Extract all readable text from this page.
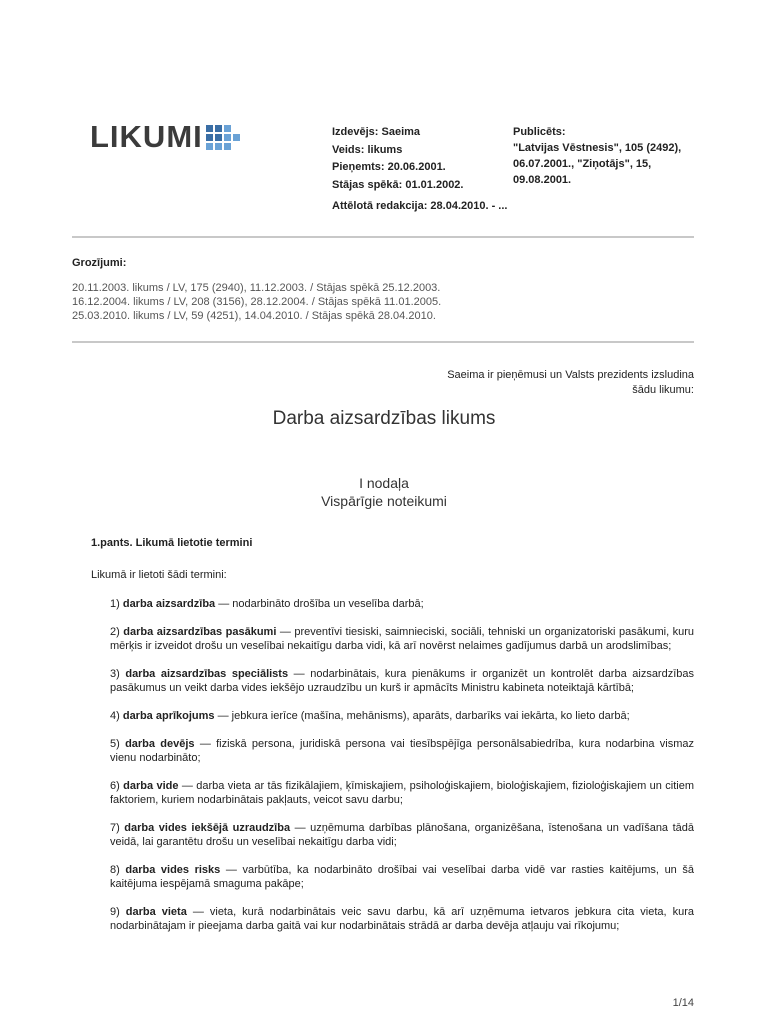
LIKUMI	Izdevējs: Saeima
Veids: likums
Pieņemts: 20.06.2001.
Stājas spēkā: 01.01.2002.
Publicēts:
"Latvijas Vēstnesis", 105 (2492), 06.07.2001., "Ziņotājs", 15, 09.08.2001.
Attēlotā redakcija: 28.04.2010. - ...
Grozījumi:
20.11.2003. likums / LV, 175 (2940), 11.12.2003. / Stājas spēkā 25.12.2003.
16.12.2004. likums / LV, 208 (3156), 28.12.2004. / Stājas spēkā 11.01.2005.
25.03.2010. likums / LV, 59 (4251), 14.04.2010. / Stājas spēkā 28.04.2010.
Saeima ir pieņēmusi un Valsts prezidents izsludina šādu likumu:
Darba aizsardzības likums
I nodaļa
Vispārīgie noteikumi
1.pants. Likumā lietotie termini
Likumā ir lietoti šādi termini:
1) darba aizsardzība — nodarbināto drošība un veselība darbā;
2) darba aizsardzības pasākumi — preventīvi tiesiski, saimnieciski, sociāli, tehniski un organizatoriski pasākumi, kuru mērķis ir izveidot drošu un veselībai nekaitīgu darba vidi, kā arī novērst nelaimes gadījumus darbā un arodslimības;
3) darba aizsardzības speciālists — nodarbinātais, kura pienākums ir organizēt un kontrolēt darba aizsardzības pasākumus un veikt darba vides iekšējo uzraudzību un kurš ir apmācīts Ministru kabineta noteiktajā kārtībā;
4) darba aprīkojums — jebkura ierīce (mašīna, mehānisms), aparāts, darbarīks vai iekārta, ko lieto darbā;
5) darba devējs — fiziskā persona, juridiskā persona vai tiesībspējīga personālsabiedrība, kura nodarbina vismaz vienu nodarbināto;
6) darba vide — darba vieta ar tās fizikālajiem, ķīmiskajiem, psiholoģiskajiem, bioloģiskajiem, fizioloģiskajiem un citiem faktoriem, kuriem nodarbinātais pakļauts, veicot savu darbu;
7) darba vides iekšējā uzraudzība — uzņēmuma darbības plānošana, organizēšana, īstenošana un vadīšana tādā veidā, lai garantētu drošu un veselībai nekaitīgu darba vidi;
8) darba vides risks — varbūtība, ka nodarbināto drošībai vai veselībai darba vidē var rasties kaitējums, un šā kaitējuma iespējamā smaguma pakāpe;
9) darba vieta — vieta, kurā nodarbinātais veic savu darbu, kā arī uzņēmuma ietvaros jebkura cita vieta, kura nodarbinātajam ir pieejama darba gaitā vai kur nodarbinātais strādā ar darba devēja atļauju vai rīkojumu;
1/14
